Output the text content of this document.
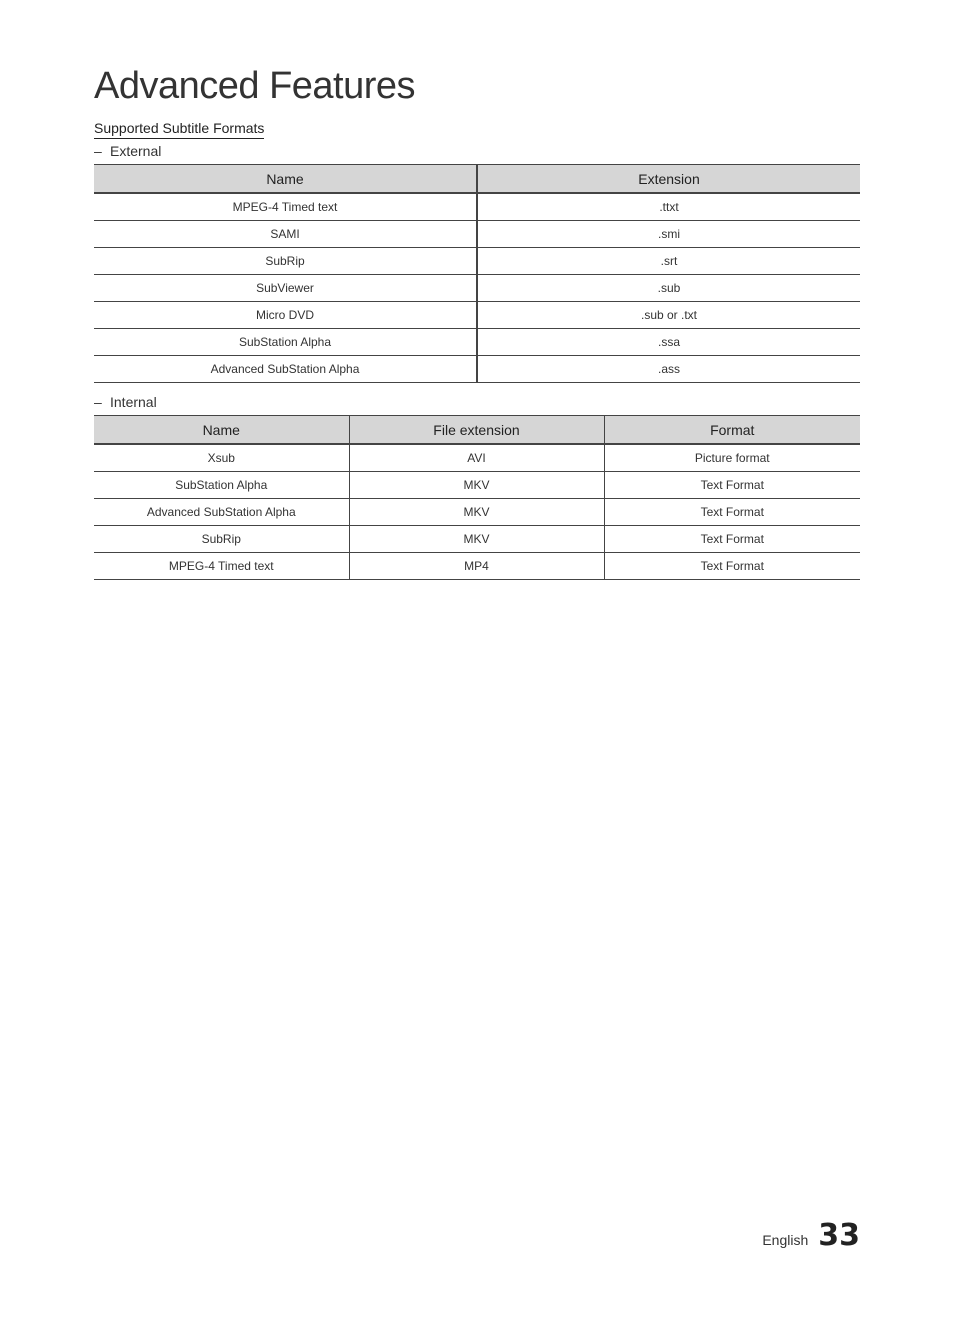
Advanced Features
Supported Subtitle Formats
– External
Name	Extension
MPEG-4 Timed text	.ttxt
SAMI	.smi
SubRip	.srt
SubViewer	.sub
Micro DVD	.sub or .txt
SubStation Alpha	.ssa
Advanced SubStation Alpha	.ass
– Internal
Name	File extension	Format
Xsub	AVI	Picture format
SubStation Alpha	MKV	Text Format
Advanced SubStation Alpha	MKV	Text Format
SubRip	MKV	Text Format
MPEG-4 Timed text	MP4	Text Format
English 33
